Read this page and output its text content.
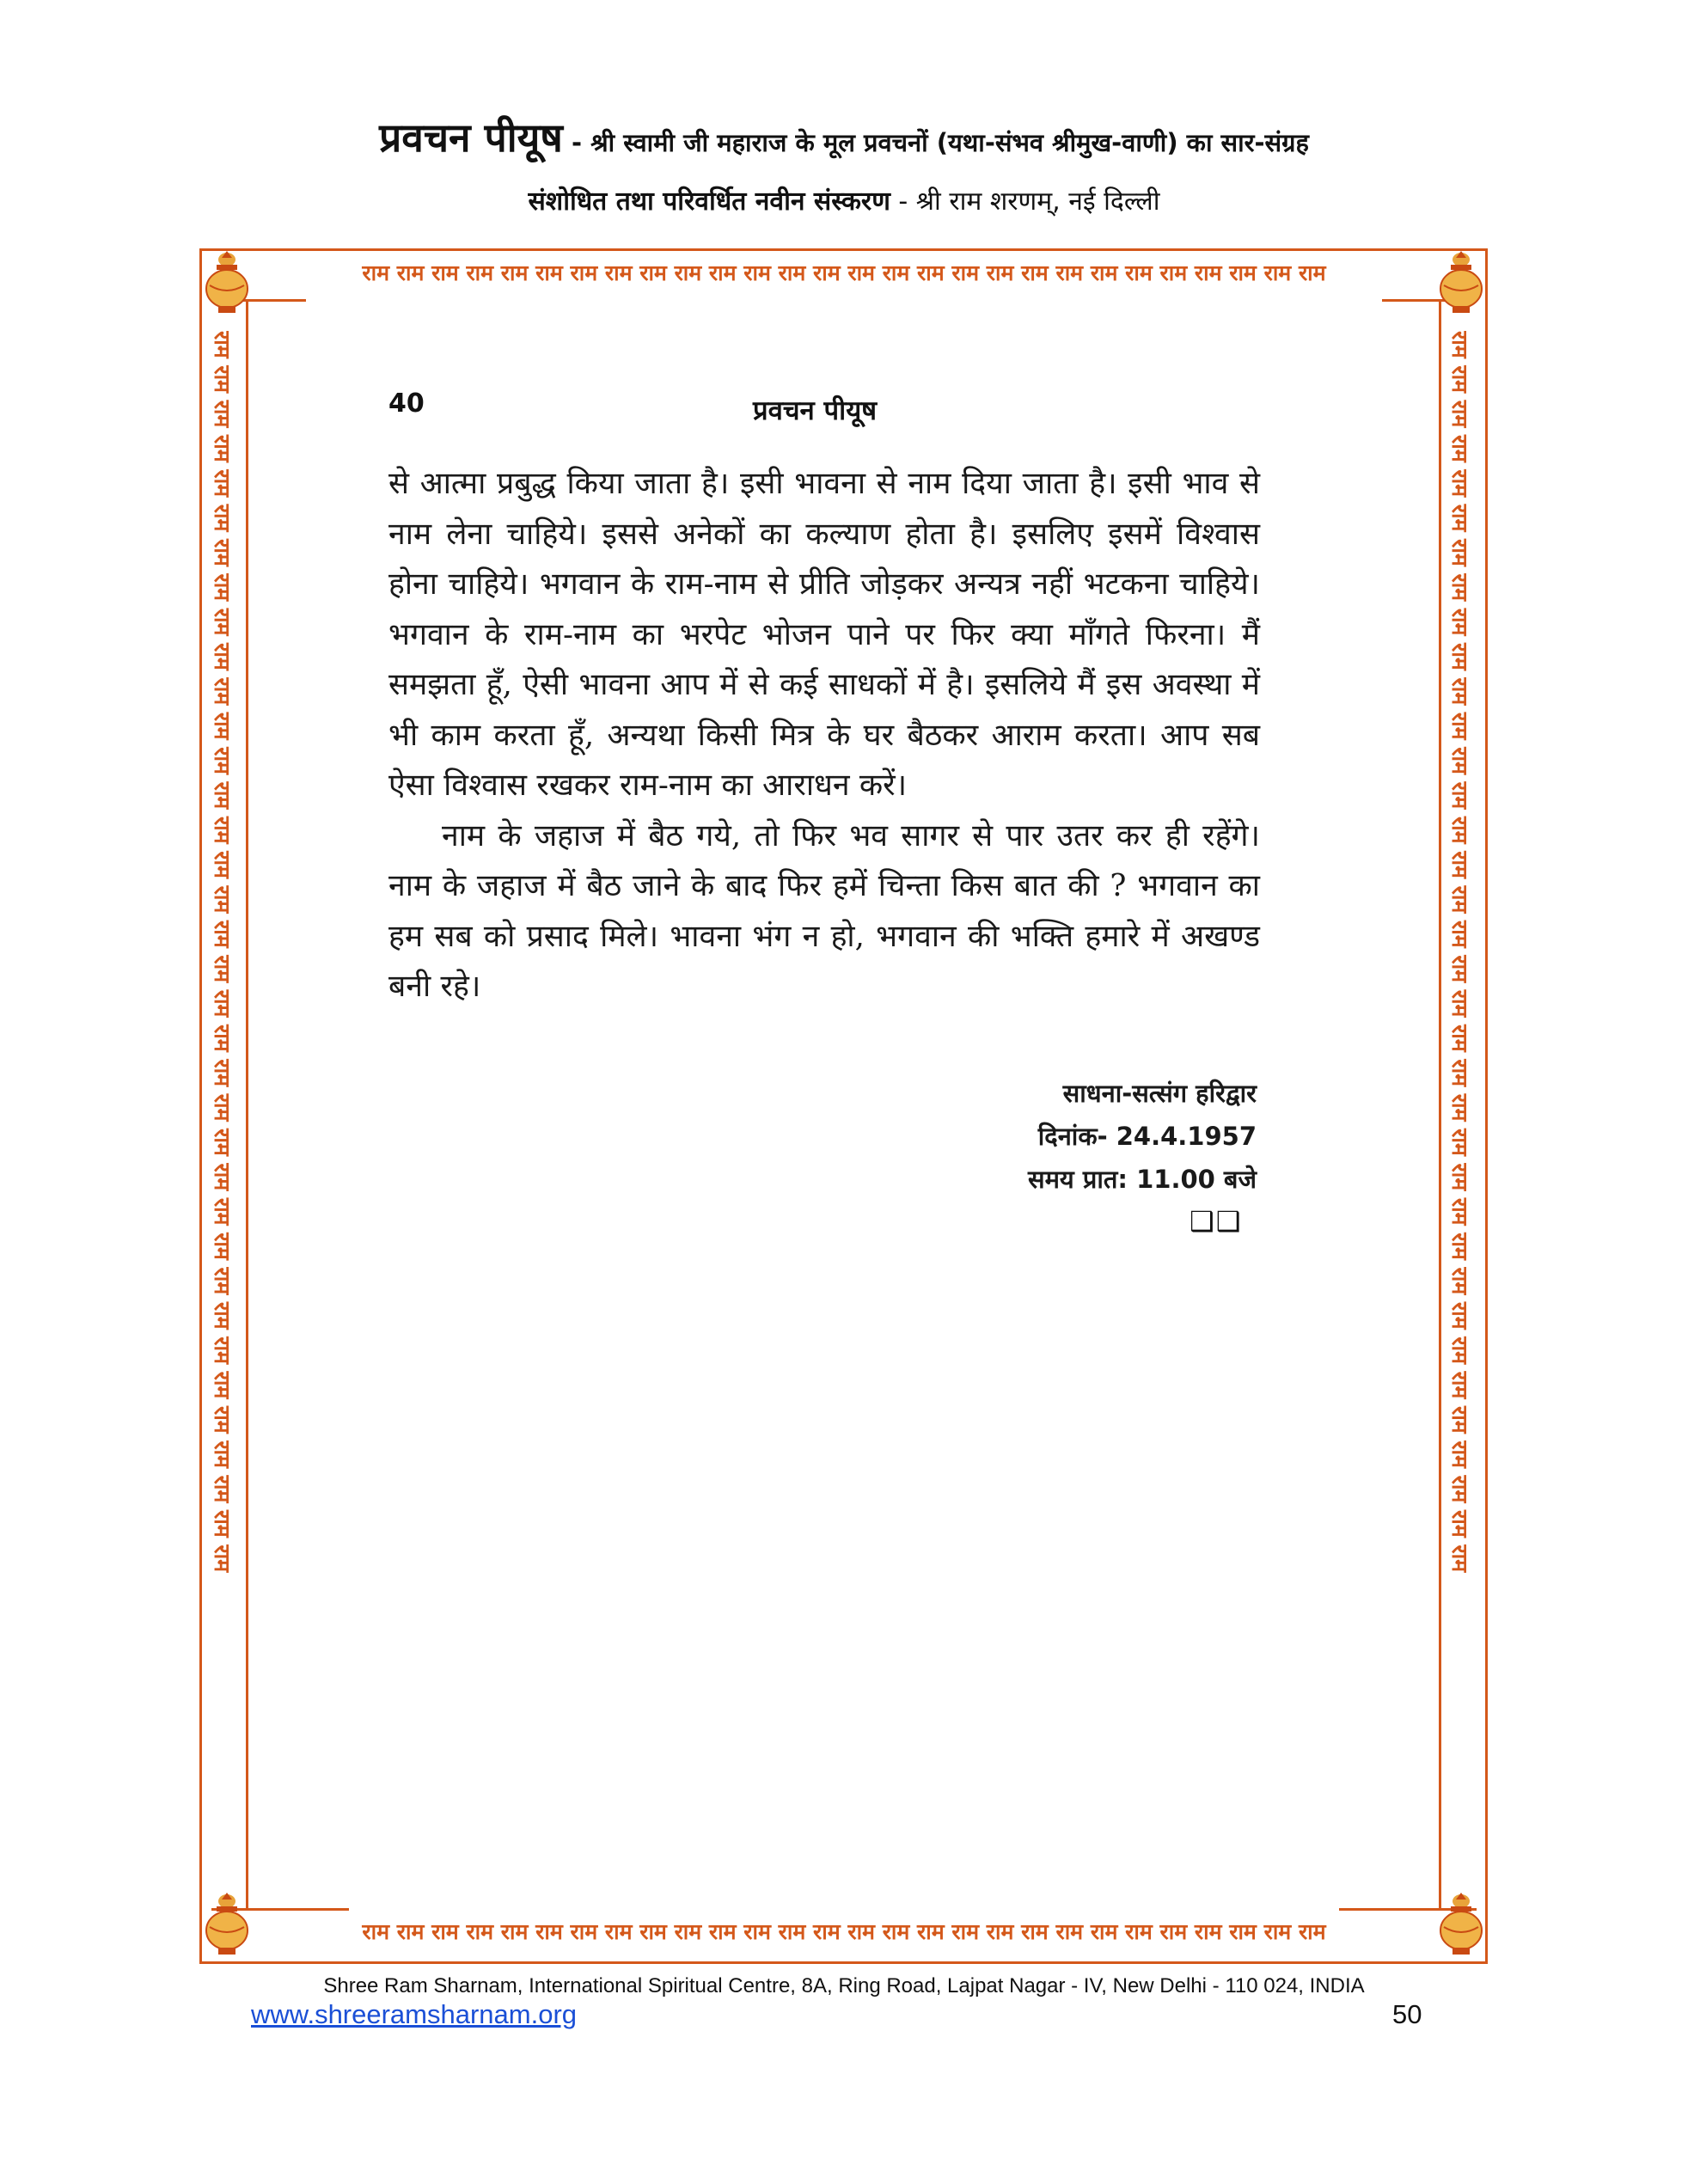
प्रवचन पीयूष - श्री स्वामी जी महाराज के मूल प्रवचनों (यथा-संभव श्रीमुख-वाणी) का सार-संग्रह
संशोधित तथा परिवर्धित नवीन संस्करण - श्री राम शरणम्, नई दिल्ली
राम राम राम राम राम राम राम राम राम राम राम राम राम राम राम राम राम राम राम राम राम राम राम राम राम राम राम राम
राम राम राम राम राम राम राम राम राम राम राम राम राम राम राम राम राम राम राम राम राम राम राम राम राम राम राम राम
राम राम राम राम राम राम राम राम राम राम राम राम राम राम राम राम राम राम राम राम राम राम राम राम राम राम राम राम राम राम राम राम राम राम राम राम	राम राम राम राम राम राम राम राम राम राम राम राम राम राम राम राम राम राम राम राम राम राम राम राम राम राम राम राम राम राम राम राम राम राम राम राम
40	प्रवचन पीयूष

से आत्मा प्रबुद्ध किया जाता है। इसी भावना से नाम दिया जाता है। इसी भाव से नाम लेना चाहिये। इससे अनेकों का कल्याण होता है। इसलिए इसमें विश्वास होना चाहिये। भगवान के राम-नाम से प्रीति जोड़कर अन्यत्र नहीं भटकना चाहिये। भगवान के राम-नाम का भरपेट भोजन पाने पर फिर क्या माँगते फिरना। मैं समझता हूँ, ऐसी भावना आप में से कई साधकों में है। इसलिये मैं इस अवस्था में भी काम करता हूँ, अन्यथा किसी मित्र के घर बैठकर आराम करता। आप सब ऐसा विश्वास रखकर राम-नाम का आराधन करें।

नाम के जहाज में बैठ गये, तो फिर भव सागर से पार उतर कर ही रहेंगे। नाम के जहाज में बैठ जाने के बाद फिर हमें चिन्ता किस बात की ? भगवान का हम सब को प्रसाद मिले। भावना भंग न हो, भगवान की भक्ति हमारे में अखण्ड बनी रहे।

साधना-सत्संग हरिद्वार
दिनांक- 24.4.1957
समय प्रात: 11.00 बजे
❑❑
Shree Ram Sharnam, International Spiritual Centre, 8A, Ring Road, Lajpat Nagar - IV, New Delhi - 110 024, INDIA
www.shreeramsharnam.org	50
